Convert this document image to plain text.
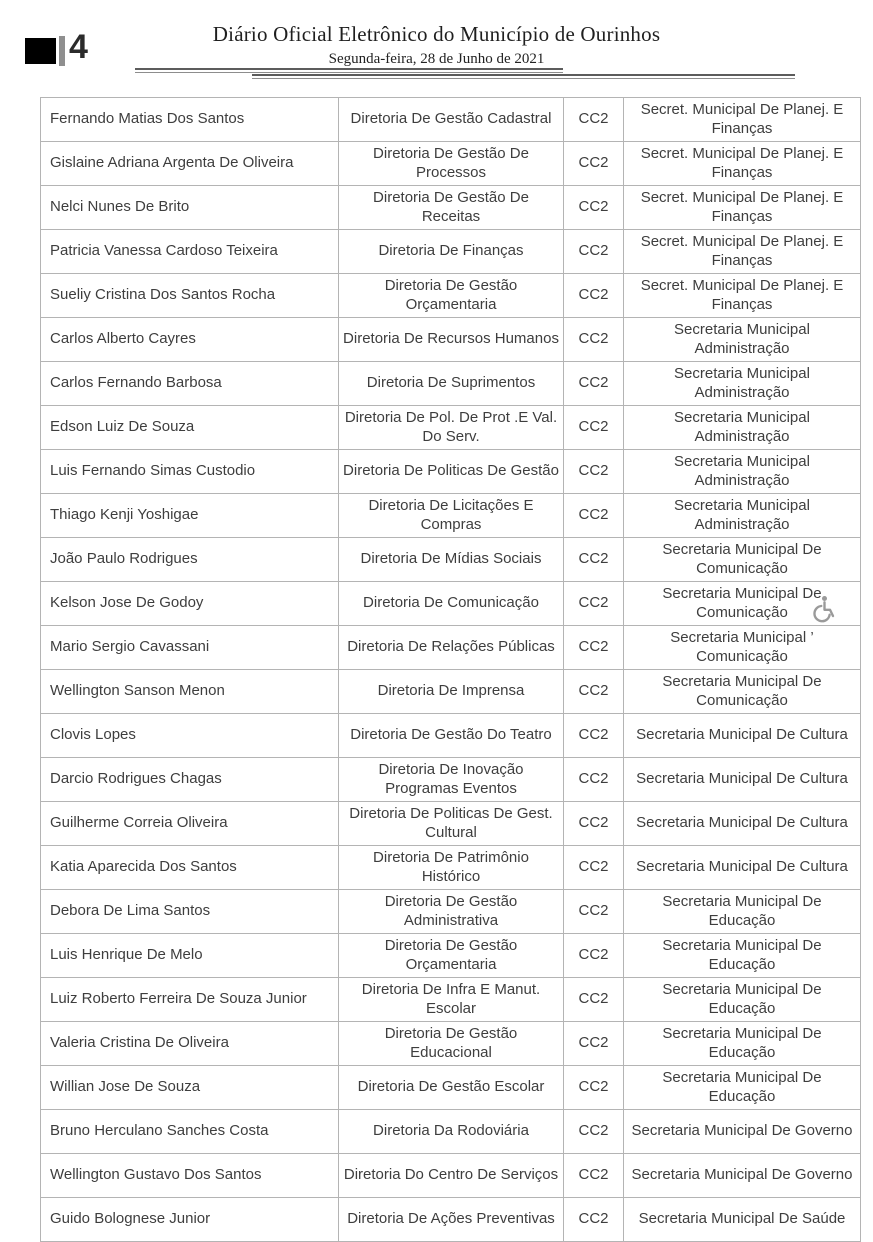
4	Diário Oficial Eletrônico do Município de Ourinhos
Segunda-feira, 28 de Junho de 2021
Fernando Matias Dos Santos	Diretoria De Gestão Cadastral	CC2	Secret. Municipal De Planej. E Finanças
Gislaine Adriana Argenta De Oliveira	Diretoria De Gestão De Processos	CC2	Secret. Municipal De Planej. E Finanças
Nelci Nunes De Brito	Diretoria De Gestão De Receitas	CC2	Secret. Municipal De Planej. E Finanças
Patricia Vanessa Cardoso Teixeira	Diretoria De Finanças	CC2	Secret. Municipal De Planej. E Finanças
Sueliy Cristina Dos Santos Rocha	Diretoria De Gestão Orçamentaria	CC2	Secret. Municipal De Planej. E Finanças
Carlos Alberto Cayres	Diretoria De Recursos Humanos	CC2	Secretaria Municipal Administração
Carlos Fernando Barbosa	Diretoria De Suprimentos	CC2	Secretaria Municipal Administração
Edson Luiz De Souza	Diretoria De Pol. De Prot .E Val. Do Serv.	CC2	Secretaria Municipal Administração
Luis Fernando Simas Custodio	Diretoria De Politicas De Gestão	CC2	Secretaria Municipal Administração
Thiago Kenji Yoshigae	Diretoria De Licitações E Compras	CC2	Secretaria Municipal Administração
João Paulo Rodrigues	Diretoria De Mídias Sociais	CC2	Secretaria Municipal De Comunicação
Kelson Jose De Godoy	Diretoria De Comunicação	CC2	Secretaria Municipal De Comunicação
Mario Sergio Cavassani	Diretoria De Relações Públicas	CC2	Secretaria Municipal ’ Comunicação
Wellington Sanson Menon	Diretoria De Imprensa	CC2	Secretaria Municipal De Comunicação
Clovis Lopes	Diretoria De Gestão Do Teatro	CC2	Secretaria Municipal De Cultura
Darcio Rodrigues Chagas	Diretoria De Inovação Programas Eventos	CC2	Secretaria Municipal De Cultura
Guilherme Correia Oliveira	Diretoria De Politicas De Gest. Cultural	CC2	Secretaria Municipal De Cultura
Katia Aparecida Dos Santos	Diretoria De Patrimônio Histórico	CC2	Secretaria Municipal De Cultura
Debora De Lima Santos	Diretoria De Gestão Administrativa	CC2	Secretaria Municipal De Educação
Luis Henrique De Melo	Diretoria De Gestão Orçamentaria	CC2	Secretaria Municipal De Educação
Luiz Roberto Ferreira De Souza Junior	Diretoria De Infra E Manut. Escolar	CC2	Secretaria Municipal De Educação
Valeria Cristina De Oliveira	Diretoria De Gestão Educacional	CC2	Secretaria Municipal De Educação
Willian Jose De Souza	Diretoria De Gestão Escolar	CC2	Secretaria Municipal De Educação
Bruno Herculano Sanches Costa	Diretoria Da Rodoviária	CC2	Secretaria Municipal De Governo
Wellington Gustavo Dos Santos	Diretoria Do Centro De Serviços	CC2	Secretaria Municipal De Governo
Guido Bolognese Junior	Diretoria De Ações Preventivas	CC2	Secretaria Municipal De Saúde
